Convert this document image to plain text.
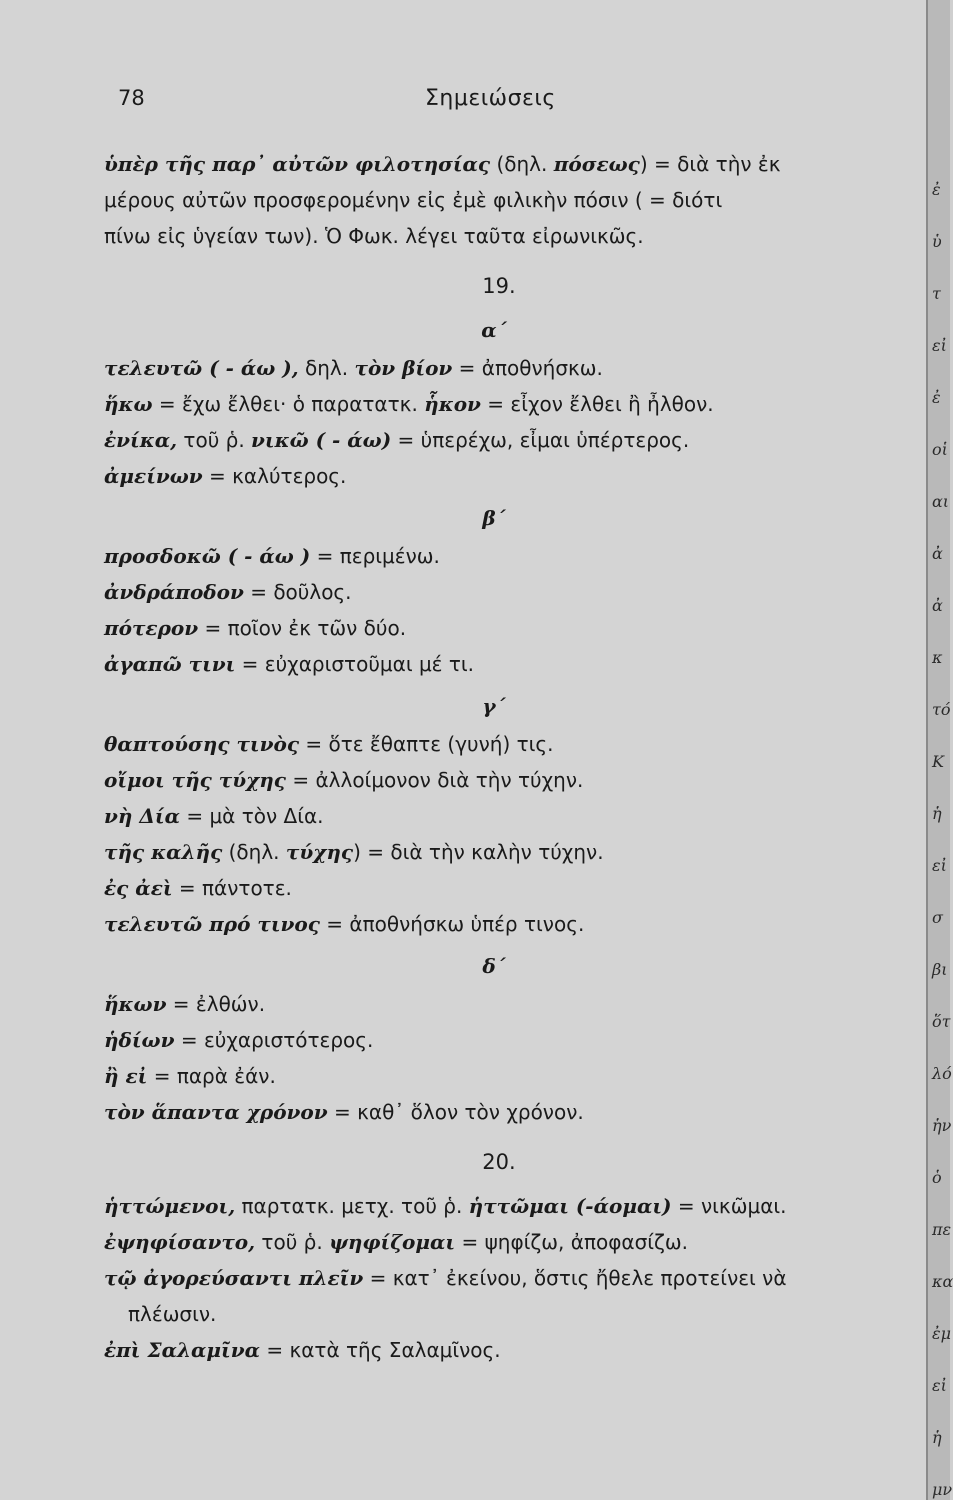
78	Σημειώσεις
ὑπὲρ τῆς παρ᾽ αὐτῶν φιλοτησίας (δηλ. πόσεως) = διὰ τὴν ἐκ
μέρους αὐτῶν προσφερομένην εἰς ἐμὲ φιλικὴν πόσιν ( = διότι
πίνω εἰς ὑγείαν των). Ὁ Φωκ. λέγει ταῦτα εἰρωνικῶς.
19.
α΄
τελευτῶ ( - άω ), δηλ. τὸν βίον = ἀποθνήσκω.
ἥκω = ἔχω ἔλθει· ὁ παρατατκ. ἧκον = εἶχον ἔλθει ἢ ἦλθον.
ἐνίκα, τοῦ ῥ. νικῶ ( - άω) = ὑπερέχω, εἶμαι ὑπέρτερος.
ἀμείνων = καλύτερος.
β΄
προσδοκῶ ( - άω ) = περιμένω.
ἀνδράποδον = δοῦλος.
πότερον = ποῖον ἐκ τῶν δύο.
ἀγαπῶ τινι = εὐχαριστοῦμαι μέ τι.
γ΄
θαπτούσης τινὸς = ὅτε ἔθαπτε (γυνή) τις.
οἴμοι τῆς τύχης = ἀλλοίμονον διὰ τὴν τύχην.
νὴ Δία = μὰ τὸν Δία.
τῆς καλῆς (δηλ. τύχης) = διὰ τὴν καλὴν τύχην.
ἐς ἀεὶ = πάντοτε.
τελευτῶ πρό τινος = ἀποθνήσκω ὑπέρ τινος.
δ΄
ἥκων = ἐλθών.
ἡδίων = εὐχαριστότερος.
ἢ εἰ = παρὰ ἐάν.
τὸν ἅπαντα χρόνον = καθ᾽ ὅλον τὸν χρόνον.
20.
ἡττώμενοι, παρτατκ. μετχ. τοῦ ῥ. ἡττῶμαι (-άομαι) = νικῶμαι.
ἐψηφίσαντο, τοῦ ῥ. ψηφίζομαι = ψηφίζω, ἀποφασίζω.
τῷ ἀγορεύσαντι πλεῖν = κατ᾽ ἐκείνου, ὅστις ἤθελε προτείνει νὰ
πλέωσιν.
ἐπὶ Σαλαμῖνα = κατὰ τῆς Σαλαμῖνος.
ἐ
ὑ
τ
εἰ
ἐ
οἱ
αι
ἀ
ἀ
κ
τό
Κ
ἡ
εἰ
σ
βι
ὅτ
λό
ἡν
ὁ
πε
κα
ἐμ
εἰ
ἡ
μν
